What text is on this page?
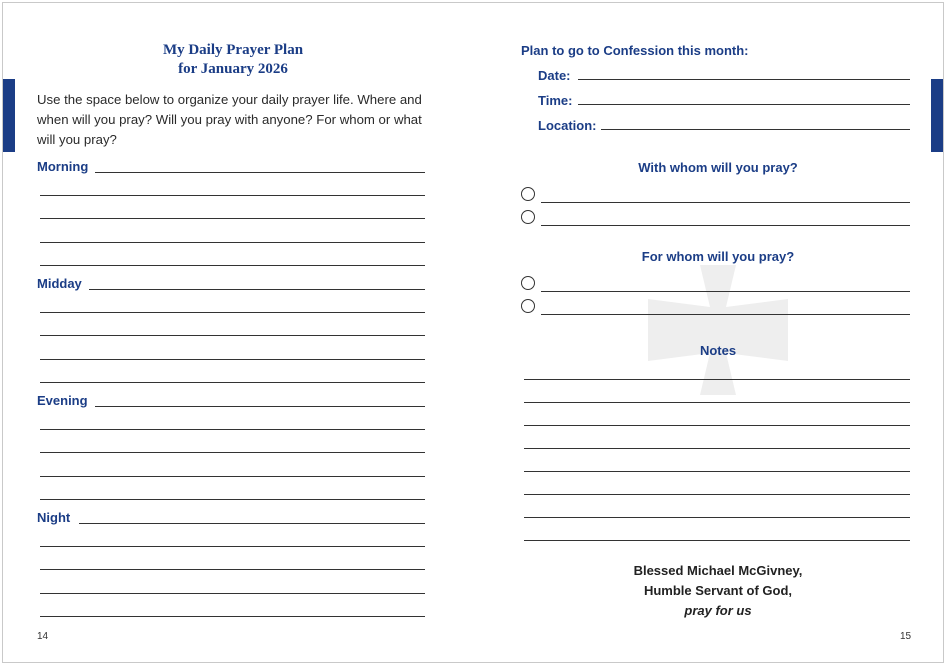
My Daily Prayer Plan
for January 2026
Use the space below to organize your daily prayer life. Where and when will you pray? Will you pray with anyone? For whom or what will you pray?
Morning
Midday
Evening
Night
14
Plan to go to Confession this month:
Date:
Time:
Location:
With whom will you pray?
For whom will you pray?
Notes
Blessed Michael McGivney,
Humble Servant of God,
pray for us
15
